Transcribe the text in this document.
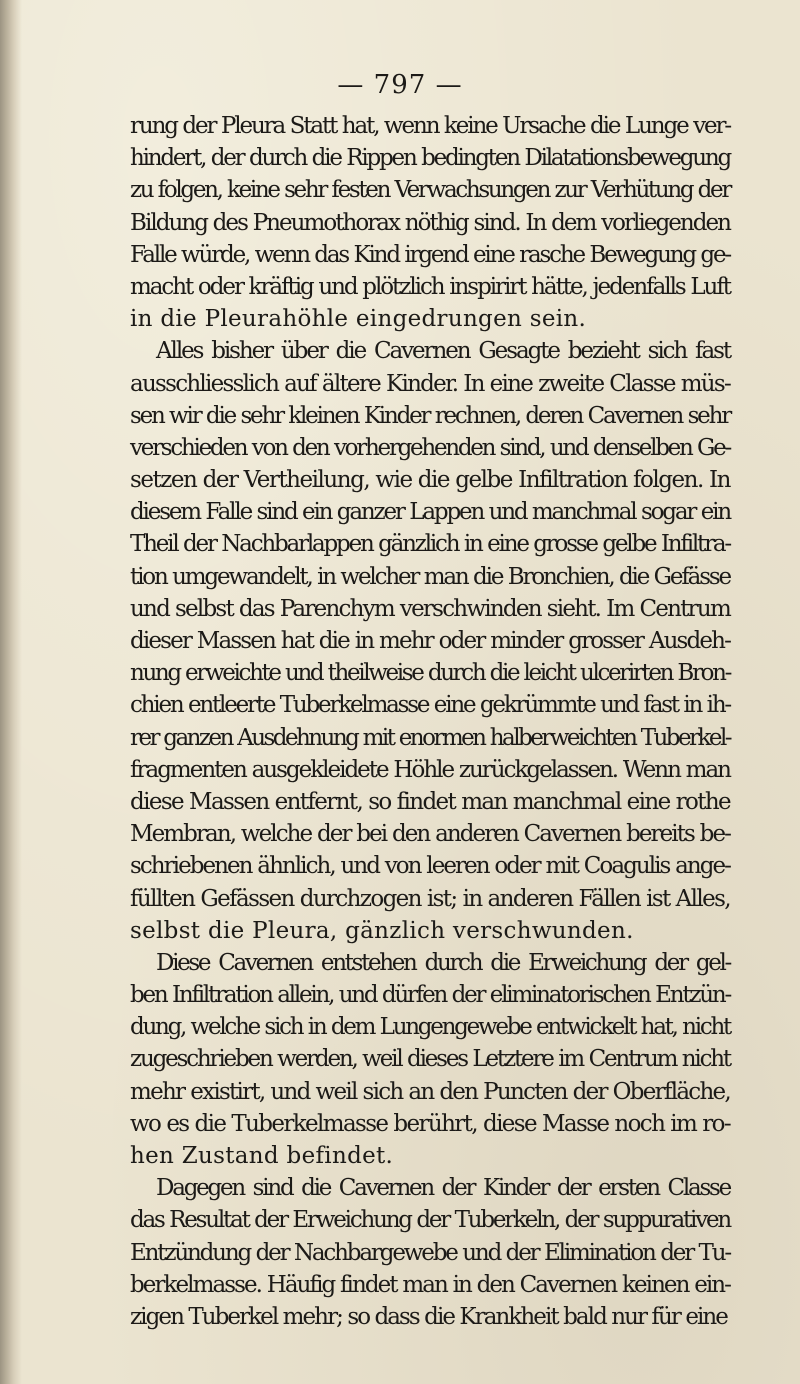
— 797 —
rung der Pleura Statt hat, wenn keine Ursache die Lunge ver-
hindert, der durch die Rippen bedingten Dilatationsbewegung
zu folgen, keine sehr festen Verwachsungen zur Verhütung der
Bildung des Pneumothorax nöthig sind. In dem vorliegenden
Falle würde, wenn das Kind irgend eine rasche Bewegung ge-
macht oder kräftig und plötzlich inspirirt hätte, jedenfalls Luft
in die Pleurahöhle eingedrungen sein.
Alles bisher über die Cavernen Gesagte bezieht sich fast
ausschliesslich auf ältere Kinder. In eine zweite Classe müs-
sen wir die sehr kleinen Kinder rechnen, deren Cavernen sehr
verschieden von den vorhergehenden sind, und denselben Ge-
setzen der Vertheilung, wie die gelbe Infiltration folgen. In
diesem Falle sind ein ganzer Lappen und manchmal sogar ein
Theil der Nachbarlappen gänzlich in eine grosse gelbe Infiltra-
tion umgewandelt, in welcher man die Bronchien, die Gefässe
und selbst das Parenchym verschwinden sieht. Im Centrum
dieser Massen hat die in mehr oder minder grosser Ausdeh-
nung erweichte und theilweise durch die leicht ulcerirten Bron-
chien entleerte Tuberkelmasse eine gekrümmte und fast in ih-
rer ganzen Ausdehnung mit enormen halberweichten Tuberkel-
fragmenten ausgekleidete Höhle zurückgelassen. Wenn man
diese Massen entfernt, so findet man manchmal eine rothe
Membran, welche der bei den anderen Cavernen bereits be-
schriebenen ähnlich, und von leeren oder mit Coagulis ange-
füllten Gefässen durchzogen ist; in anderen Fällen ist Alles,
selbst die Pleura, gänzlich verschwunden.
Diese Cavernen entstehen durch die Erweichung der gel-
ben Infiltration allein, und dürfen der eliminatorischen Entzün-
dung, welche sich in dem Lungengewebe entwickelt hat, nicht
zugeschrieben werden, weil dieses Letztere im Centrum nicht
mehr existirt, und weil sich an den Puncten der Oberfläche,
wo es die Tuberkelmasse berührt, diese Masse noch im ro-
hen Zustand befindet.
Dagegen sind die Cavernen der Kinder der ersten Classe
das Resultat der Erweichung der Tuberkeln, der suppurativen
Entzündung der Nachbargewebe und der Elimination der Tu-
berkelmasse. Häufig findet man in den Cavernen keinen ein-
zigen Tuberkel mehr; so dass die Krankheit bald nur für eine
